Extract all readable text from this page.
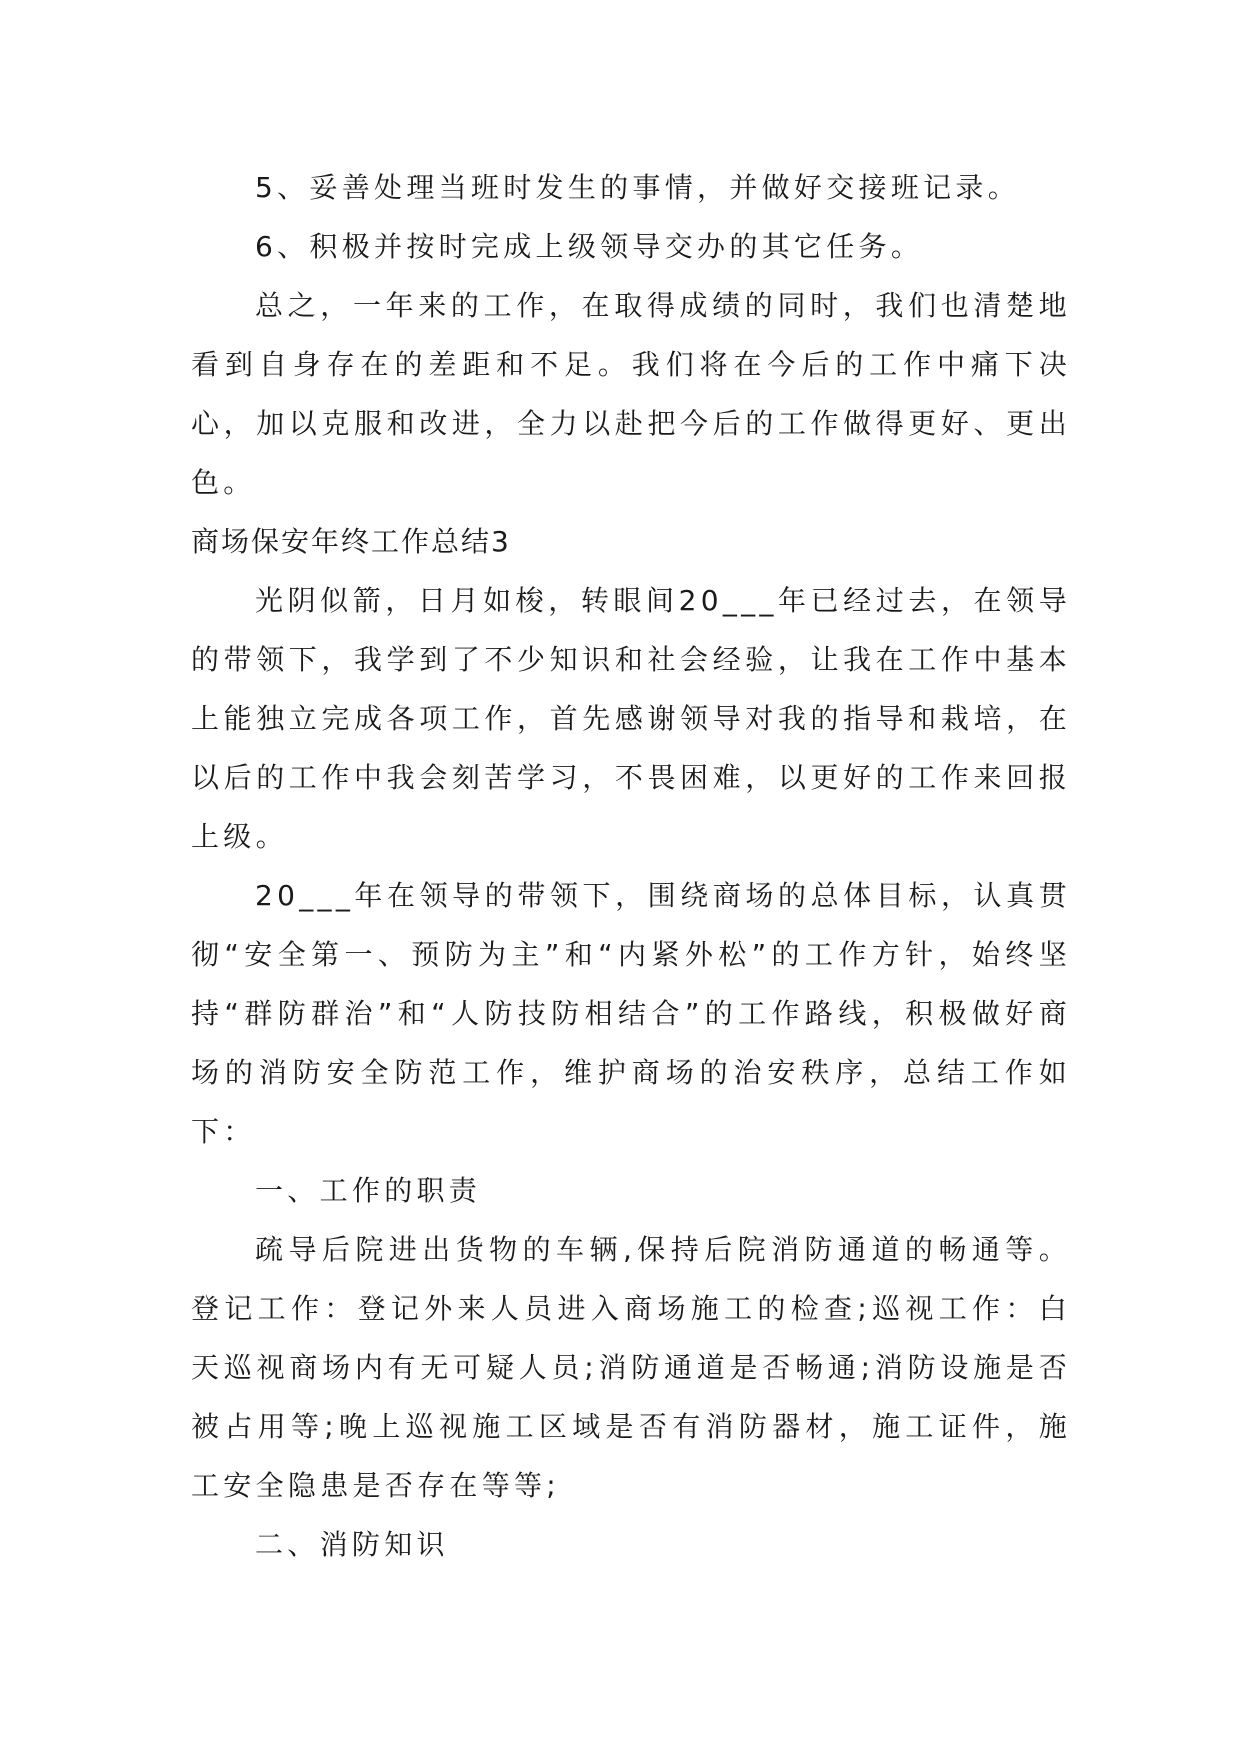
5、妥善处理当班时发生的事情，并做好交接班记录。

6、积极并按时完成上级领导交办的其它任务。

总之，一年来的工作，在取得成绩的同时，我们也清楚地看到自身存在的差距和不足。我们将在今后的工作中痛下决心，加以克服和改进，全力以赴把今后的工作做得更好、更出色。

商场保安年终工作总结3

光阴似箭，日月如梭，转眼间20___年已经过去，在领导的带领下，我学到了不少知识和社会经验，让我在工作中基本上能独立完成各项工作，首先感谢领导对我的指导和栽培，在以后的工作中我会刻苦学习，不畏困难，以更好的工作来回报上级。

20___年在领导的带领下，围绕商场的总体目标，认真贯彻“安全第一、预防为主”和“内紧外松”的工作方针，始终坚持“群防群治”和“人防技防相结合”的工作路线，积极做好商场的消防安全防范工作，维护商场的治安秩序，总结工作如下：

一、工作的职责

疏导后院进出货物的车辆,保持后院消防通道的畅通等。登记工作：登记外来人员进入商场施工的检查;巡视工作：白天巡视商场内有无可疑人员;消防通道是否畅通;消防设施是否被占用等;晚上巡视施工区域是否有消防器材，施工证件，施工安全隐患是否存在等等;

二、消防知识
